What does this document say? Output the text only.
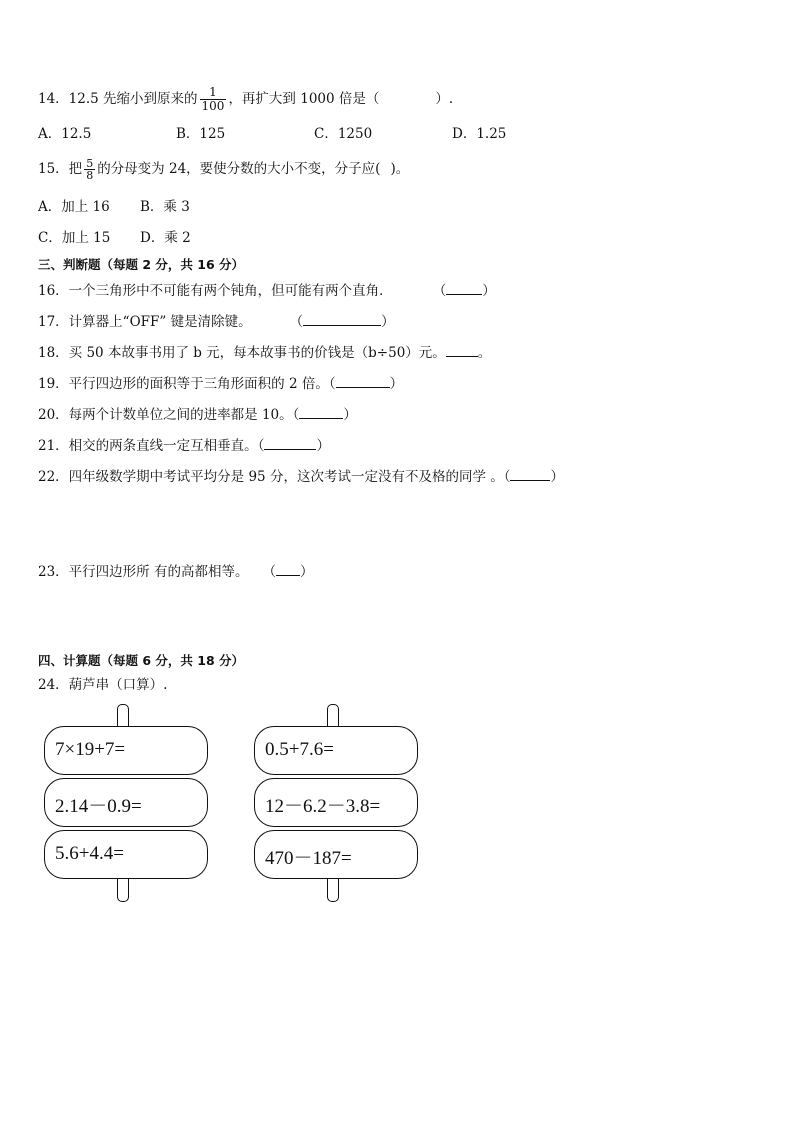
14．12.5 先缩小到原来的 $\frac{1}{100}$ ，再扩大到 1000 倍是（	）.
A．12.5	B．125	C．1250	D．1.25
15．把 $\frac{5}{8}$ 的分母变为 24，要使分数的大小不变，分子应( )。
A．加上 16 B．乘 3
C．加上 15 D．乘 2
三、判断题（每题 2 分，共 16 分）
16．一个三角形中不可能有两个钝角，但可能有两个直角．	（	）
17．计算器上“OFF” 键是清除键。	（	）
18．买 50 本故事书用了 b 元，每本故事书的价钱是（b÷50）元。 。
19．平行四边形的面积等于三角形面积的 2 倍。（	）
20．每两个计数单位之间的进率都是 10。（	）
21．相交的两条直线一定互相垂直。（	）
22．四年级数学期中考试平均分是 95 分，这次考试一定没有不及格的同学 。（	）
23．平行四边形所 有的高都相等。 （ ）
四、计算题（每题 6 分，共 18 分）
24．葫芦串（口算）.
7×19+7=
2.14－0.9=
5.6+4.4=
0.5+7.6=
12－6.2－3.8=
470－187=
